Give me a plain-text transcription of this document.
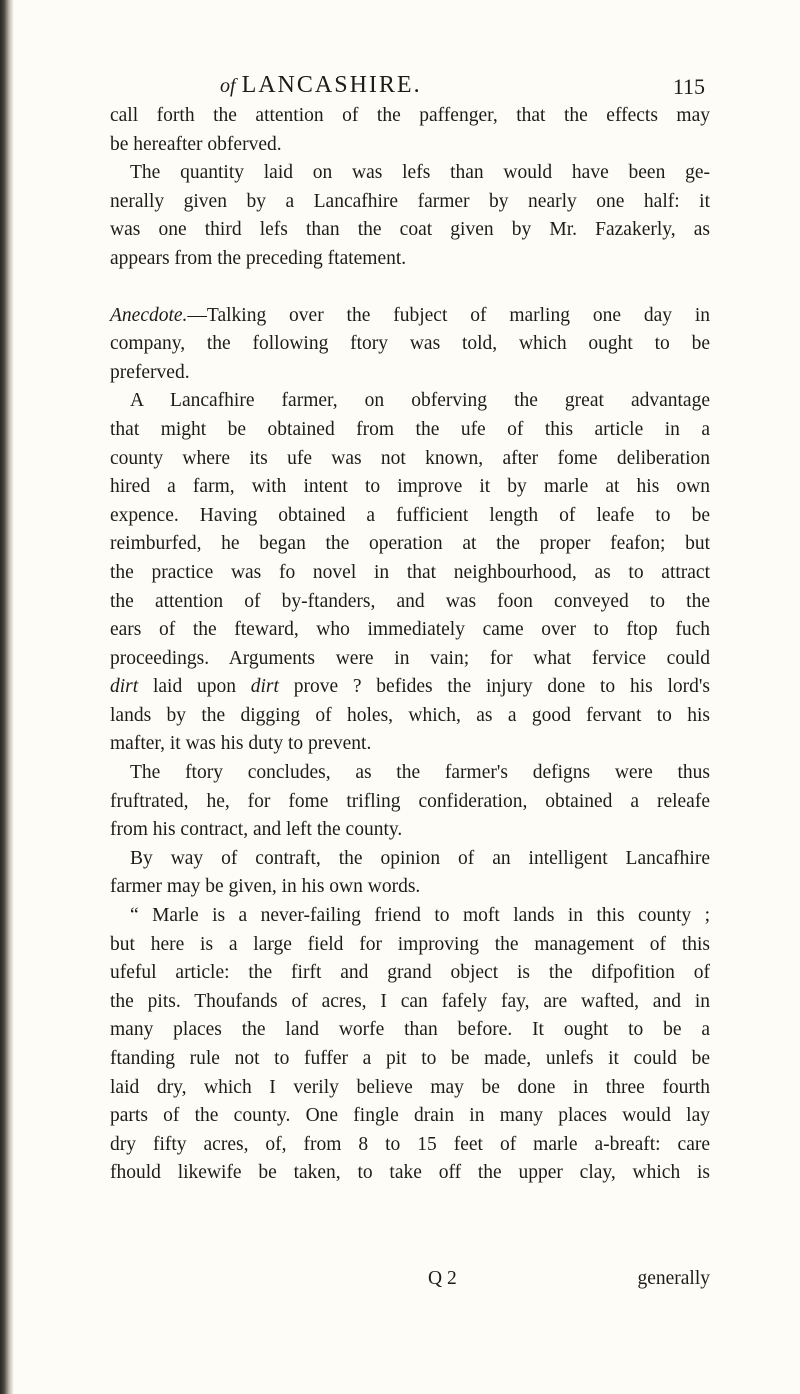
of LANCASHIRE.	115
call forth the attention of the paffenger, that the effects may
be hereafter obferved.
The quantity laid on was lefs than would have been ge-
nerally given by a Lancafhire farmer by nearly one half: it
was one third lefs than the coat given by Mr. Fazakerly, as
appears from the preceding ftatement.
Anecdote.—Talking over the fubject of marling one day in
company, the following ftory was told, which ought to be
preferved.
A Lancafhire farmer, on obferving the great advantage
that might be obtained from the ufe of this article in a
county where its ufe was not known, after fome deliberation
hired a farm, with intent to improve it by marle at his own
expence. Having obtained a fufficient length of leafe to be
reimburfed, he began the operation at the proper feafon; but
the practice was fo novel in that neighbourhood, as to attract
the attention of by-ftanders, and was foon conveyed to the
ears of the fteward, who immediately came over to ftop fuch
proceedings. Arguments were in vain; for what fervice could
dirt laid upon dirt prove ? befides the injury done to his lord's
lands by the digging of holes, which, as a good fervant to his
mafter, it was his duty to prevent.
The ftory concludes, as the farmer's defigns were thus
fruftrated, he, for fome trifling confideration, obtained a releafe
from his contract, and left the county.
By way of contraft, the opinion of an intelligent Lancafhire
farmer may be given, in his own words.
“ Marle is a never-failing friend to moft lands in this county ;
but here is a large field for improving the management of this
ufeful article: the firft and grand object is the difpofition of
the pits. Thoufands of acres, I can fafely fay, are wafted, and in
many places the land worfe than before. It ought to be a
ftanding rule not to fuffer a pit to be made, unlefs it could be
laid dry, which I verily believe may be done in three fourth
parts of the county. One fingle drain in many places would lay
dry fifty acres, of, from 8 to 15 feet of marle a-breaft: care
fhould likewife be taken, to take off the upper clay, which is
Q 2	generally
